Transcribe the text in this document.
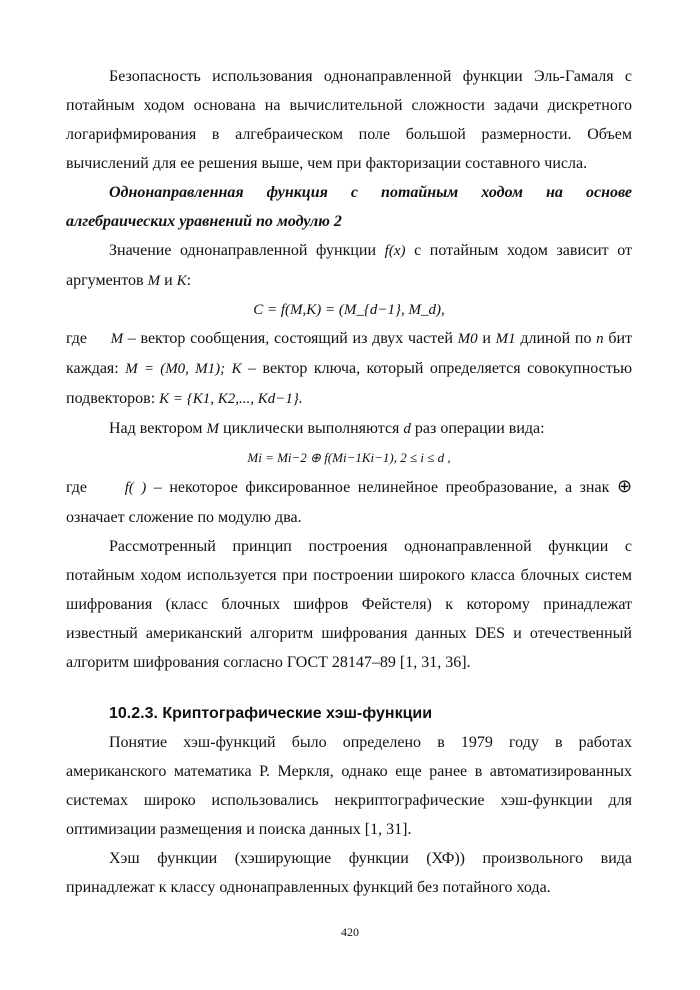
Безопасность использования однонаправленной функции Эль-Гамаля с потайным ходом основана на вычислительной сложности задачи дискретного логарифмирования в алгебраическом поле большой размерности. Объем вычислений для ее решения выше, чем при факторизации составного числа.

Однонаправленная функция с потайным ходом на основе

алгебраических уравнений по модулю 2

Значение однонаправленной функции f(x) с потайным ходом зависит от аргументов M и K:

C = f(M,K) = (M_{d−1}, M_d),

где M – вектор сообщения, состоящий из двух частей M0 и M1 длиной по n бит каждая: M = (M0, M1); K – вектор ключа, который определяется совокупностью подвекторов: K = {K1, K2,..., Kd−1}.

Над вектором M циклически выполняются d раз операции вида:

Mi = Mi−2 ⊕ f(Mi−1Ki−1), 2 ≤ i ≤ d ,

где	f( ) – некоторое фиксированное нелинейное преобразование, а знак ⊕ означает сложение по модулю два.

Рассмотренный принцип построения однонаправленной функции с потайным ходом используется при построении широкого класса блочных систем шифрования (класс блочных шифров Фейстеля) к которому принадлежат известный американский алгоритм шифрования данных DES и отечественный алгоритм шифрования согласно ГОСТ 28147–89 [1, 31, 36].

10.2.3. Криптографические хэш-функции

Понятие хэш-функций было определено в 1979 году в работах американского математика Р. Меркля, однако еще ранее в автоматизированных системах широко использовались некриптографические хэш-функции для оптимизации размещения и поиска данных [1, 31].

Хэш функции (хэширующие функции (ХФ)) произвольного вида принадлежат к классу однонаправленных функций без потайного хода.

420
